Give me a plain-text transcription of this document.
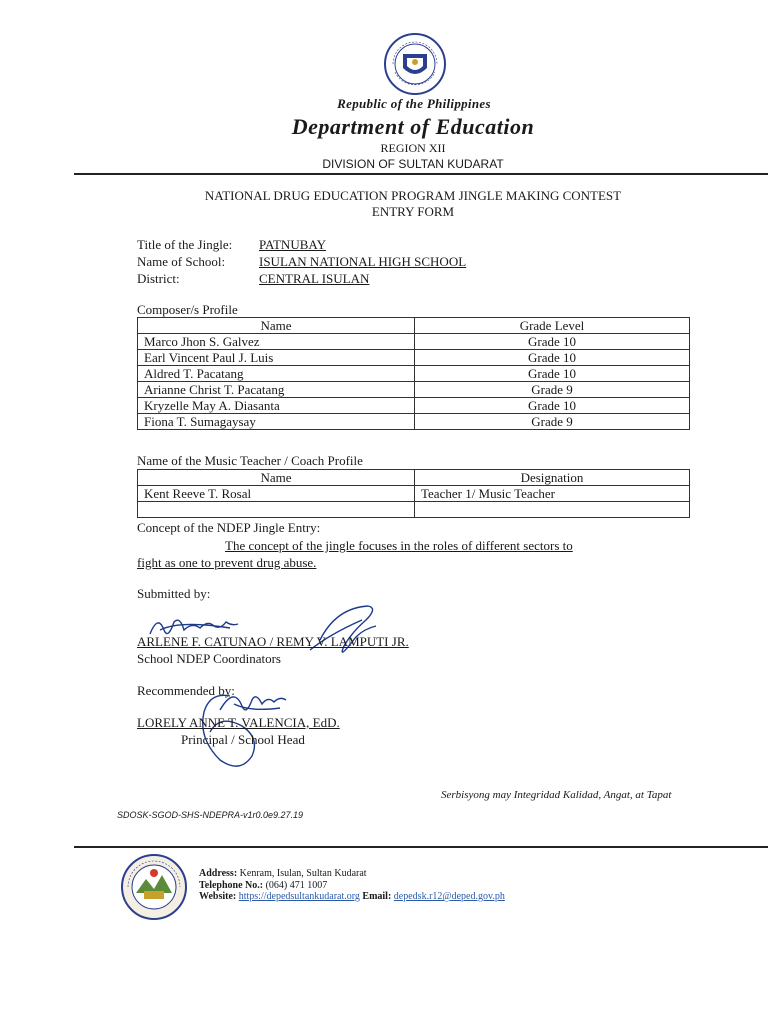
Republic of the Philippines
Department of Education
REGION XII
DIVISION OF SULTAN KUDARAT
NATIONAL DRUG EDUCATION PROGRAM JINGLE MAKING CONTEST
ENTRY FORM
Title of the Jingle: PATNUBAY
Name of School:	ISULAN NATIONAL HIGH SCHOOL
District:	CENTRAL ISULAN
Composer/s Profile
Name	Grade Level
Marco Jhon S. Galvez	Grade 10
Earl Vincent Paul J. Luis	Grade 10
Aldred T. Pacatang	Grade 10
Arianne Christ T. Pacatang	Grade 9
Kryzelle May A. Diasanta	Grade 10
Fiona T. Sumagaysay	Grade 9
Name of the Music Teacher / Coach Profile
Name	Designation
Kent Reeve T. Rosal	Teacher 1/ Music Teacher

Concept of the NDEP Jingle Entry:
The concept of the jingle focuses in the roles of different sectors to
fight as one to prevent drug abuse.
Submitted by:
ARLENE F. CATUNAO / REMY V. LAMPUTI JR.
School NDEP Coordinators
Recommended by:
LORELY ANNE T. VALENCIA, EdD.
Principal / School Head
Serbisyong may Integridad Kalidad, Angat, at Tapat
SDOSK-SGOD-SHS-NDEPRA-v1r0.0e9.27.19
Address: Kenram, Isulan, Sultan Kudarat
Telephone No.: (064) 471 1007
Website: https://depedsultankudarat.org Email: depedsk.r12@deped.gov.ph
